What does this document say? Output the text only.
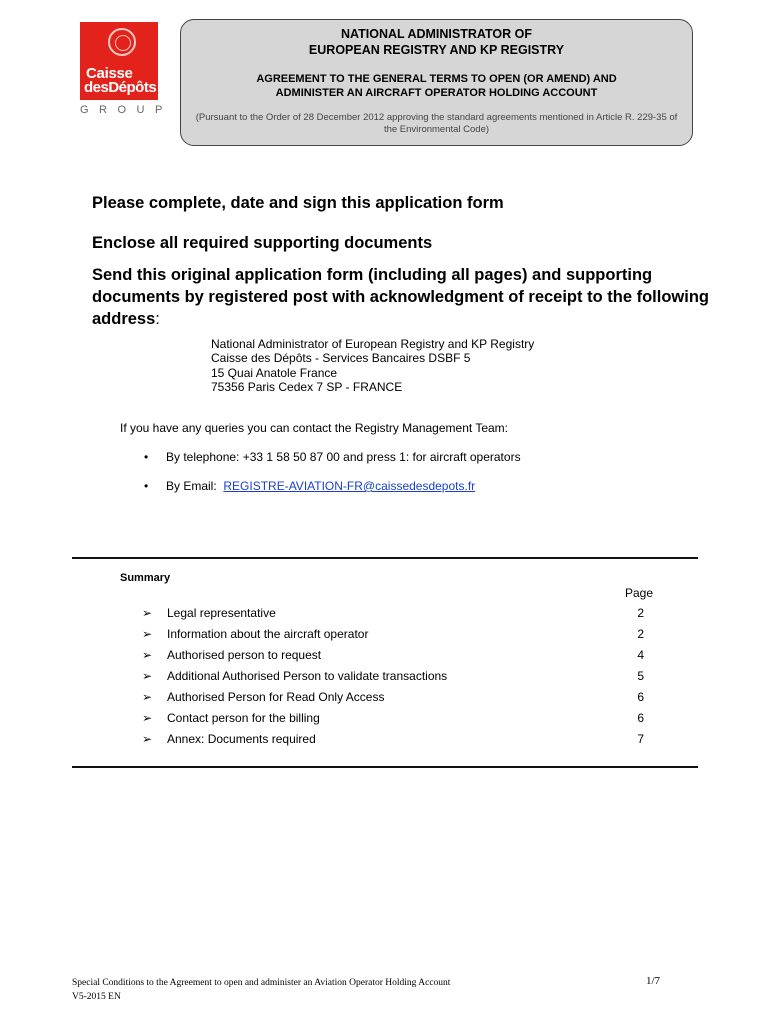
Caisse
desDépôts
GROUP
NATIONAL ADMINISTRATOR OF
EUROPEAN REGISTRY AND KP REGISTRY
AGREEMENT TO THE GENERAL TERMS TO OPEN (OR AMEND) AND
ADMINISTER AN AIRCRAFT OPERATOR HOLDING ACCOUNT
(Pursuant to the Order of 28 December 2012 approving the standard agreements mentioned in Article R. 229-35 of the Environmental Code)
Please complete, date and sign this application form
Enclose all required supporting documents
Send this original application form (including all pages) and supporting documents by registered post with acknowledgment of receipt to the following address:
National Administrator of European Registry and KP Registry
Caisse des Dépôts - Services Bancaires DSBF 5
15 Quai Anatole France
75356 Paris Cedex 7 SP - FRANCE
If you have any queries you can contact the Registry Management Team:
• By telephone: +33 1 58 50 87 00 and press 1: for aircraft operators
• By Email: REGISTRE-AVIATION-FR@caissedesdepots.fr
Summary
Page
➢ Legal representative	2
➢ Information about the aircraft operator	2
➢ Authorised person to request	4
➢ Additional Authorised Person to validate transactions	5
➢ Authorised Person for Read Only Access	6
➢ Contact person for the billing	6
➢ Annex: Documents required	7
Special Conditions to the Agreement to open and administer an Aviation Operator Holding Account
V5-2015 EN
1/7
